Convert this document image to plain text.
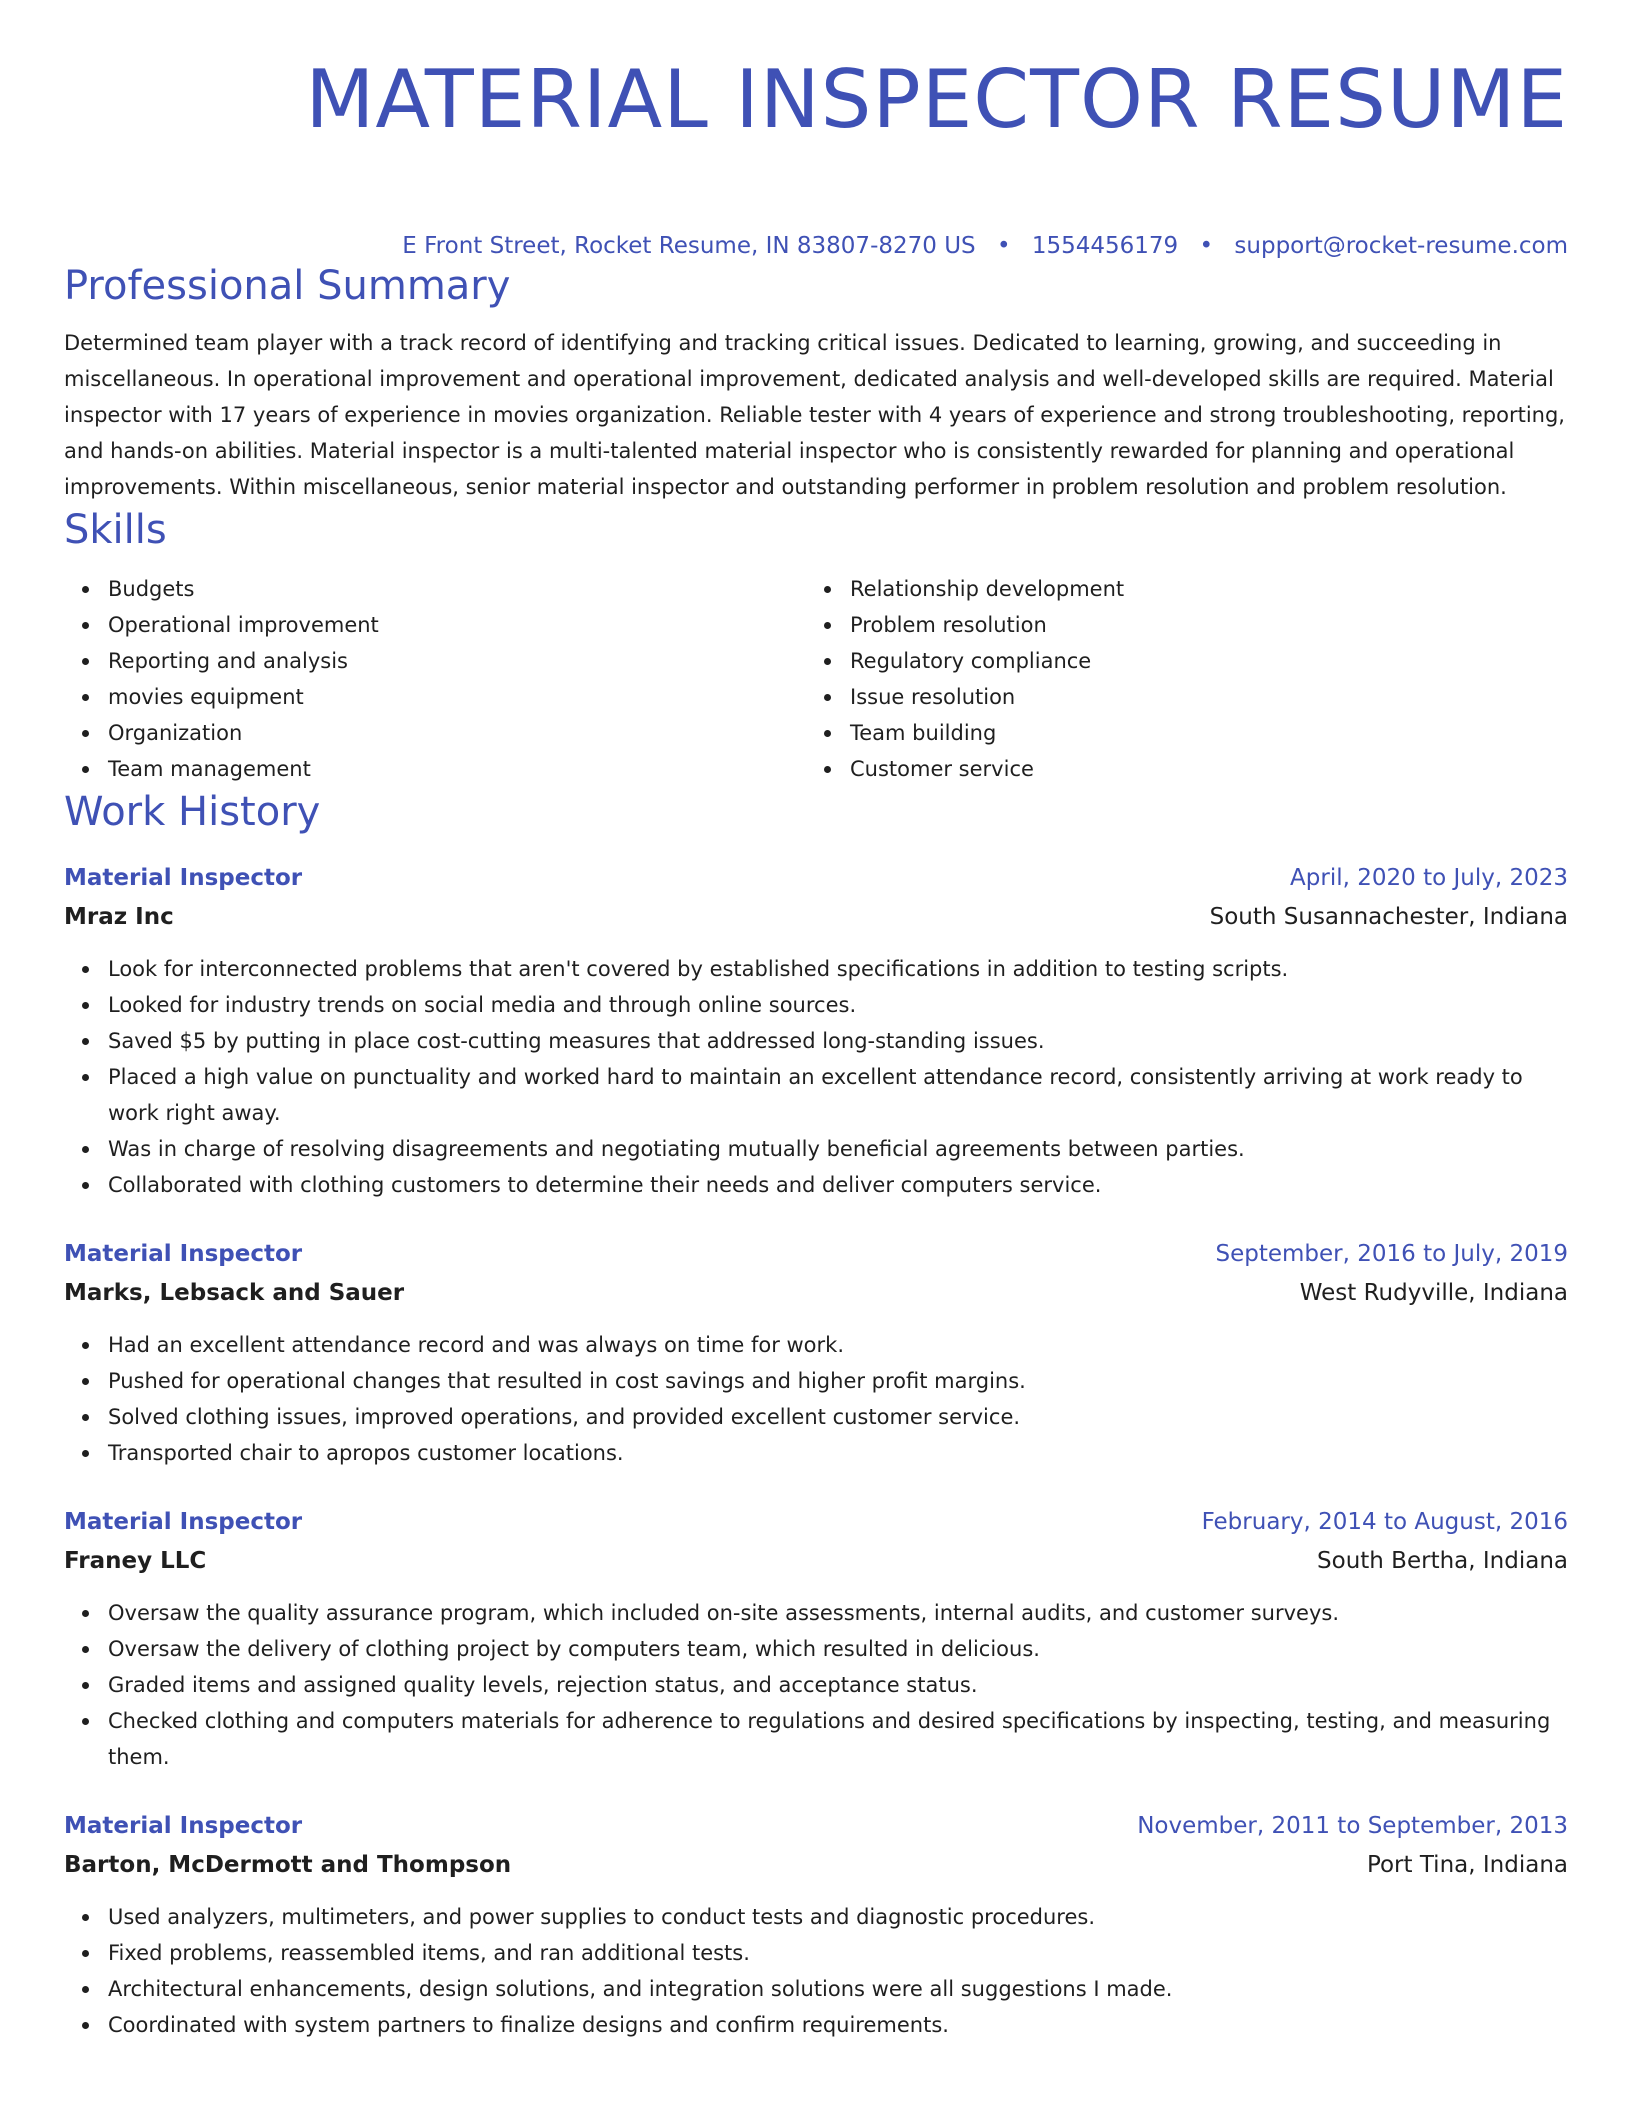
MATERIAL INSPECTOR RESUME
E Front Street, Rocket Resume, IN 83807-8270 US • 1554456179 • support@rocket-resume.com
Professional Summary

Determined team player with a track record of identifying and tracking critical issues. Dedicated to learning, growing, and succeeding in miscellaneous. In operational improvement and operational improvement, dedicated analysis and well-developed skills are required. Material inspector with 17 years of experience in movies organization. Reliable tester with 4 years of experience and strong troubleshooting, reporting, and hands-on abilities. Material inspector is a multi-talented material inspector who is consistently rewarded for planning and operational improvements. Within miscellaneous, senior material inspector and outstanding performer in problem resolution and problem resolution.

Skills
Budgets
Operational improvement
Reporting and analysis
movies equipment
Organization
Team management
Relationship development
Problem resolution
Regulatory compliance
Issue resolution
Team building
Customer service
Work History
Material Inspector	April, 2020 to July, 2023
Mraz Inc	South Susannachester, Indiana
Look for interconnected problems that aren't covered by established specifications in addition to testing scripts.
Looked for industry trends on social media and through online sources.
Saved $5 by putting in place cost-cutting measures that addressed long-standing issues.
Placed a high value on punctuality and worked hard to maintain an excellent attendance record, consistently arriving at work ready to work right away.
Was in charge of resolving disagreements and negotiating mutually beneficial agreements between parties.
Collaborated with clothing customers to determine their needs and deliver computers service.
Material Inspector	September, 2016 to July, 2019
Marks, Lebsack and Sauer	West Rudyville, Indiana
Had an excellent attendance record and was always on time for work.
Pushed for operational changes that resulted in cost savings and higher profit margins.
Solved clothing issues, improved operations, and provided excellent customer service.
Transported chair to apropos customer locations.
Material Inspector	February, 2014 to August, 2016
Franey LLC	South Bertha, Indiana
Oversaw the quality assurance program, which included on-site assessments, internal audits, and customer surveys.
Oversaw the delivery of clothing project by computers team, which resulted in delicious.
Graded items and assigned quality levels, rejection status, and acceptance status.
Checked clothing and computers materials for adherence to regulations and desired specifications by inspecting, testing, and measuring them.
Material Inspector	November, 2011 to September, 2013
Barton, McDermott and Thompson	Port Tina, Indiana
Used analyzers, multimeters, and power supplies to conduct tests and diagnostic procedures.
Fixed problems, reassembled items, and ran additional tests.
Architectural enhancements, design solutions, and integration solutions were all suggestions I made.
Coordinated with system partners to finalize designs and confirm requirements.
